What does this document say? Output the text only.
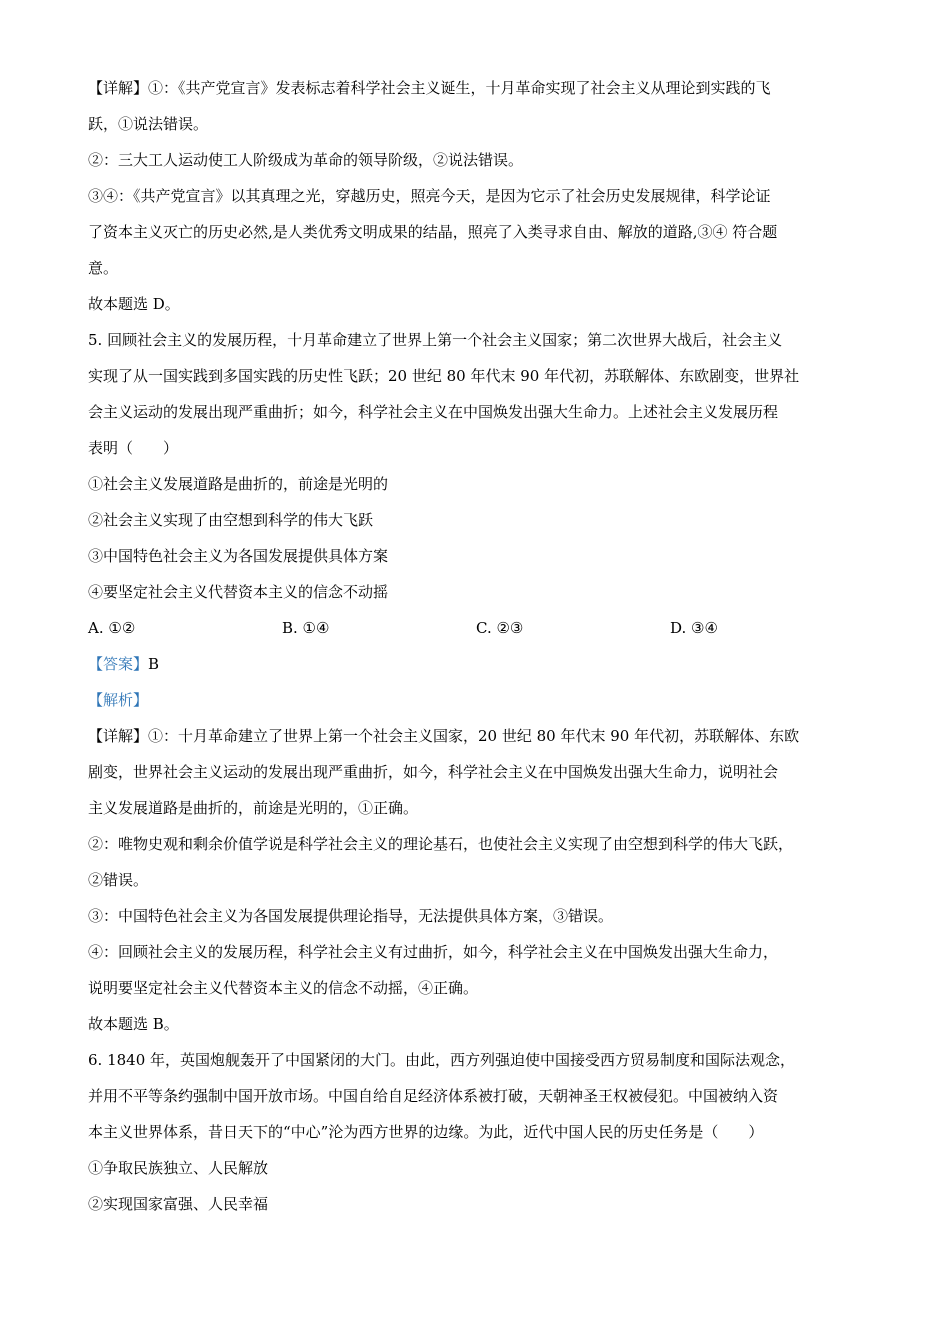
【详解】①：《共产党宣言》发表标志着科学社会主义诞生，十月革命实现了社会主义从理论到实践的飞
跃，①说法错误。
②：三大工人运动使工人阶级成为革命的领导阶级，②说法错误。
③④：《共产党宣言》以其真理之光，穿越历史，照亮今天，是因为它示了社会历史发展规律，科学论证
了资本主义灭亡的历史必然,是人类优秀文明成果的结晶，照亮了入类寻求自由、解放的道路,③④ 符合题
意。
故本题选 D。
5. 回顾社会主义的发展历程，十月革命建立了世界上第一个社会主义国家；第二次世界大战后，社会主义
实现了从一国实践到多国实践的历史性飞跃；20 世纪 80 年代末 90 年代初，苏联解体、东欧剧变，世界社
会主义运动的发展出现严重曲折；如今，科学社会主义在中国焕发出强大生命力。上述社会主义发展历程
表明（　　）
①社会主义发展道路是曲折的，前途是光明的
②社会主义实现了由空想到科学的伟大飞跃
③中国特色社会主义为各国发展提供具体方案
④要坚定社会主义代替资本主义的信念不动摇
A. ①②	B. ①④	C. ②③	D. ③④
【答案】B
【解析】
【详解】①：十月革命建立了世界上第一个社会主义国家，20 世纪 80 年代末 90 年代初，苏联解体、东欧
剧变，世界社会主义运动的发展出现严重曲折，如今，科学社会主义在中国焕发出强大生命力，说明社会
主义发展道路是曲折的，前途是光明的，①正确。
②：唯物史观和剩余价值学说是科学社会主义的理论基石，也使社会主义实现了由空想到科学的伟大飞跃，
②错误。
③：中国特色社会主义为各国发展提供理论指导，无法提供具体方案，③错误。
④：回顾社会主义的发展历程，科学社会主义有过曲折，如今，科学社会主义在中国焕发出强大生命力，
说明要坚定社会主义代替资本主义的信念不动摇，④正确。
故本题选 B。
6. 1840 年，英国炮舰轰开了中国紧闭的大门。由此，西方列强迫使中国接受西方贸易制度和国际法观念，
并用不平等条约强制中国开放市场。中国自给自足经济体系被打破，天朝神圣王权被侵犯。中国被纳入资
本主义世界体系，昔日天下的“中心”沦为西方世界的边缘。为此，近代中国人民的历史任务是（　　）
①争取民族独立、人民解放
②实现国家富强、人民幸福
